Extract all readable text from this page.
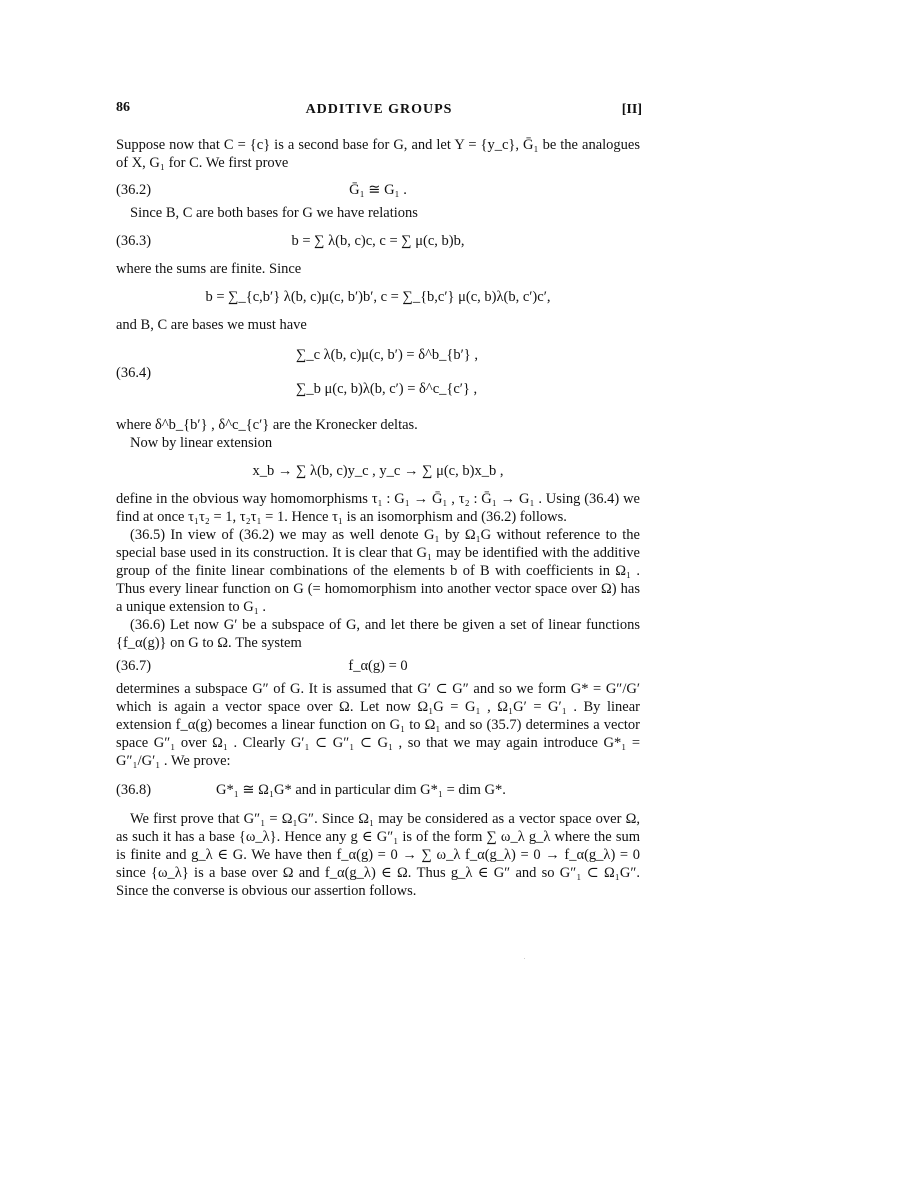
86	ADDITIVE GROUPS	[II]

Suppose now that C = {c} is a second base for G, and let Y = {y_c}, Ḡ₁ be the analogues of X, G₁ for C. We first prove

(36.2)	Ḡ₁ ≅ G₁ .

Since B, C are both bases for G we have relations

(36.3)	b = ∑ λ(b, c)c, c = ∑ μ(c, b)b,

where the sums are finite. Since

b = ∑_{c,b′} λ(b, c)μ(c, b′)b′, c = ∑_{b,c′} μ(c, b)λ(b, c′)c′,

and B, C are bases we must have

(36.4)
∑_c λ(b, c)μ(c, b′) = δ^b_{b′} ,
∑_b μ(c, b)λ(b, c′) = δ^c_{c′} ,

where δ^b_{b′} , δ^c_{c′} are the Kronecker deltas.

Now by linear extension

x_b → ∑ λ(b, c)y_c , y_c → ∑ μ(c, b)x_b ,

define in the obvious way homomorphisms τ₁ : G₁ → Ḡ₁ , τ₂ : Ḡ₁ → G₁ . Using (36.4) we find at once τ₁τ₂ = 1, τ₂τ₁ = 1. Hence τ₁ is an isomorphism and (36.2) follows.

(36.5) In view of (36.2) we may as well denote G₁ by Ω₁G without reference to the special base used in its construction. It is clear that G₁ may be identified with the additive group of the finite linear combinations of the elements b of B with coefficients in Ω₁ . Thus every linear function on G (= homomorphism into another vector space over Ω) has a unique extension to G₁ .

(36.6) Let now G′ be a subspace of G, and let there be given a set of linear functions {f_α(g)} on G to Ω. The system

(36.7)	f_α(g) = 0

determines a subspace G″ of G. It is assumed that G′ ⊂ G″ and so we form G* = G″/G′ which is again a vector space over Ω. Let now Ω₁G = G₁ , Ω₁G′ = G′₁ . By linear extension f_α(g) becomes a linear function on G₁ to Ω₁ and so (35.7) determines a vector space G″₁ over Ω₁ . Clearly G′₁ ⊂ G″₁ ⊂ G₁ , so that we may again introduce G*₁ = G″₁/G′₁ . We prove:

(36.8)	G*₁ ≅ Ω₁G* and in particular dim G*₁ = dim G*.

We first prove that G″₁ = Ω₁G″. Since Ω₁ may be considered as a vector space over Ω, as such it has a base {ω_λ}. Hence any g ∈ G″₁ is of the form ∑ ω_λ g_λ where the sum is finite and g_λ ∈ G. We have then f_α(g) = 0 → ∑ ω_λ f_α(g_λ) = 0 → f_α(g_λ) = 0 since {ω_λ} is a base over Ω and f_α(g_λ) ∈ Ω. Thus g_λ ∈ G″ and so G″₁ ⊂ Ω₁G″. Since the converse is obvious our assertion follows.
